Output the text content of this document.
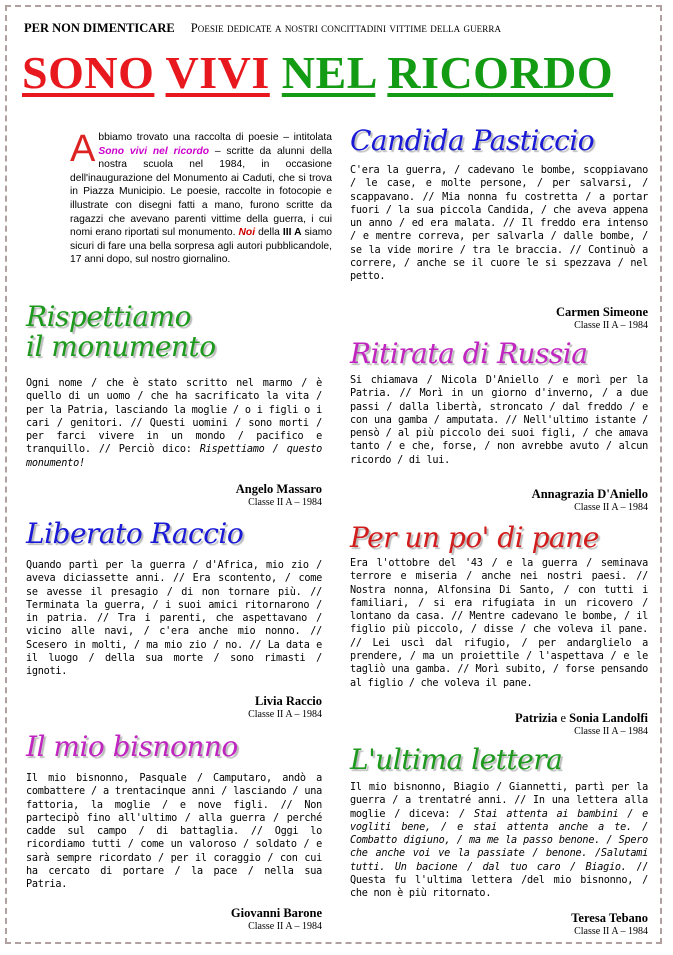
PER NON DIMENTICARE Poesie dedicate a nostri concittadini vittime della guerra
SONO VIVI NEL RICORDO
Abbiamo trovato una raccolta di poesie – intitolata Sono vivi nel ricordo – scritte da alunni della nostra scuola nel 1984, in occasione dell'inaugurazione del Monumento ai Caduti, che si trova in Piazza Municipio. Le poesie, raccolte in fotocopie e illustrate con disegni fatti a mano, furono scritte da ragazzi che avevano parenti vittime della guerra, i cui nomi erano riportati sul monumento. Noi della III A siamo sicuri di fare una bella sorpresa agli autori pubblicandole, 17 anni dopo, sul nostro giornalino.
Rispettiamo
il monumento
Ogni nome / che è stato scritto nel marmo / è quello di un uomo / che ha sacrificato la vita / per la Patria, lasciando la moglie / o i figli o i cari / genitori. // Questi uomini / sono morti / per farci vivere in un mondo / pacifico e tranquillo. // Perciò dico: Rispettiamo / questo monumento!
Angelo Massaro
Classe II A – 1984
Liberato Raccio
Quando partì per la guerra / d'Africa, mio zio / aveva diciassette anni. // Era scontento, / come se avesse il presagio / di non tornare più. // Terminata la guerra, / i suoi amici ritornarono / in patria. // Tra i parenti, che aspettavano / vicino alle navi, / c'era anche mio nonno. // Scesero in molti, / ma mio zio / no. // La data e il luogo / della sua morte / sono rimasti / ignoti.
Livia Raccio
Classe II A – 1984
Il mio bisnonno
Il mio bisnonno, Pasquale / Camputaro, andò a combattere / a trentacinque anni / lasciando / una fattoria, la moglie / e nove figli. // Non partecipò fino all'ultimo / alla guerra / perché cadde sul campo / di battaglia. // Oggi lo ricordiamo tutti / come un valoroso / soldato / e sarà sempre ricordato / per il coraggio / con cui ha cercato di portare / la pace / nella sua Patria.
Giovanni Barone
Classe II A – 1984
Candida Pasticcio
C'era la guerra, / cadevano le bombe, scoppiavano / le case, e molte persone, / per salvarsi, / scappavano. // Mia nonna fu costretta / a portar fuori / la sua piccola Candida, / che aveva appena un anno / ed era malata. // Il freddo era intenso / e mentre correva, per salvarla / dalle bombe, / se la vide morire / tra le braccia. // Continuò a correre, / anche se il cuore le si spezzava / nel petto.
Carmen Simeone
Classe II A – 1984
Ritirata di Russia
Si chiamava / Nicola D'Aniello / e morì per la Patria. // Morì in un giorno d'inverno, / a due passi / dalla libertà, stroncato / dal freddo / e con una gamba / amputata. // Nell'ultimo istante / pensò / al più piccolo dei suoi figli, / che amava tanto / e che, forse, / non avrebbe avuto / alcun ricordo / di lui.
Annagrazia D'Aniello
Classe II A – 1984
Per un po' di pane
Era l'ottobre del '43 / e la guerra / seminava terrore e miseria / anche nei nostri paesi. // Nostra nonna, Alfonsina Di Santo, / con tutti i familiari, / si era rifugiata in un ricovero / lontano da casa. // Mentre cadevano le bombe, / il figlio più piccolo, / disse / che voleva il pane. // Lei uscì dal rifugio, / per andarglielo a prendere, / ma un proiettile / l'aspettava / e le tagliò una gamba. // Morì subito, / forse pensando al figlio / che voleva il pane.
Patrizia e Sonia Landolfi
Classe II A – 1984
L'ultima lettera
Il mio bisnonno, Biagio / Giannetti, partì per la guerra / a trentatré anni. // In una lettera alla moglie / diceva: / Stai attenta ai bambini / e vogliti bene, / e stai attenta anche a te. / Combatto digiuno, / ma me la passo benone. / Spero che anche voi ve la passiate / benone. /Salutami tutti. Un bacione / dal tuo caro / Biagio. // Questa fu l'ultima lettera /del mio bisnonno, / che non è più ritornato.
Teresa Tebano
Classe II A – 1984
